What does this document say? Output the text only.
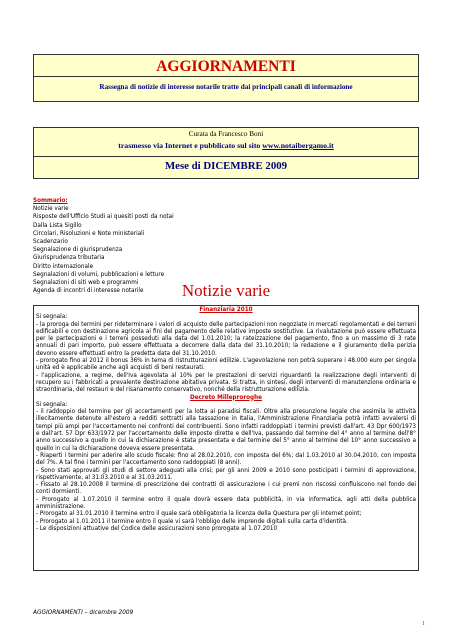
AGGIORNAMENTI
Rassegna di notizie di interesse notarile tratte dai principali canali di informazione
Curata da Francesco Boni
trasmesso via Internet e pubblicato sul sito www.notaibergamo.it
Mese di DICEMBRE 2009
Sommario:
Notizie varie
Risposte dell'Ufficio Studi ai quesiti posti da notai
Dalla Lista Sigillo
Circolari, Risoluzioni e Note ministeriali
Scadenzario
Segnalazione di giurisprudenza
Giurisprudenza tributaria
Diritto internazionale
Segnalazioni di volumi, pubblicazioni e letture
Segnalazioni di siti web e programmi
Agenda di incontri di interesse notarile	Notizie varie
Finanziaria 2010

Si segnala:

- la proroga dei termini per rideterminare i valori di acquisto delle partecipazioni non negoziate in mercati regolamentati e dei terreni edificabili e con destinazione agricola ai fini del pagamento delle relative imposte sostitutive. La rivalutazione può essere effettuata per le partecipazioni e i terreni posseduti alla data del 1.01.2010; la rateizzazione del pagamento, fino a un massimo di 3 rate annuali di pari importo, può essere effettuata a decorrere dalla data del 31.10.2010; la redazione e il giuramento della perizia devono essere effettuati entro la predetta data del 31.10.2010.

- prorogato fino al 2012 il bonus 36% in tema di ristrutturazioni edilizie. L'agevolazione non potrà superare i 48.000 euro per singola unità ed è applicabile anche agli acquisti di beni restaurati.

- l'applicazione, a regime, dell'Iva agevolata al 10% per le prestazioni di servizi riguardanti la realizzazione degli interventi di recupero su i fabbricati a prevalente destinazione abitativa privata. Si tratta, in sintesi, degli interventi di manutenzione ordinaria e straordinaria, del restauri e del risanamento conservativo, nonché della ristrutturazione edilizia.

Decreto Milleproroghe

Si segnala:

- il raddoppio del termine per gli accertamenti per la lotta ai paradisi fiscali. Oltre alla presunzione legale che assimila le attività illecitamente detenute all'estero a redditi sottratti alla tassazione in Italia, l'Amministrazione Finanziaria potrà infatti avvalersi di tempi più ampi per l'accertamento nei confronti dei contribuenti. Sono infatti raddoppiati i termini previsti dall'art. 43 Dpr 600/1973 e dall'art. 57 Dpr 633/1972 per l'accertamento delle imposte dirette e dell'Iva, passando dal termine del 4° anno al termine dell'8° anno successivo a quello in cui la dichiarazione è stata presentata e dal termine del 5° anno al termine del 10° anno successivo a quello in cui la dichiarazione doveva essere presentata.

- Riaperti i termini per aderire allo scudo fiscale: fino al 28.02.2010, con imposta del 6%; dal 1.03.2010 al 30.04.2010, con imposta del 7%. A tal fine i termini per l'accertamento sono raddoppiati (8 anni).

- Sono stati approvati gli studi di settore adeguati alla crisi; per gli anni 2009 e 2010 sono posticipati i termini di approvazione, rispettivamente, al 31.03.2010 e al 31.03.2011.

- Fissato al 28.10.2008 il termine di prescrizione dei contratti di assicurazione i cui premi non riscossi confluiscono nel fondo dei conti dormienti.

- Prorogato al 1.07.2010 il termine entro il quale dovrà essere data pubblicità, in via informatica, agli atti della pubblica amministrazione.

- Prorogato al 31.01.2010 il termine entro il quale sarà obbligatoria la licenza della Questura per gli internet point;

- Prorogato al 1.01.2011 il termine entro il quale vi sarà l'obbligo delle imprende digitali sulla carta d'identità.

- Le disposizioni attuative del Codice delle assicurazioni sono prorogate al 1.07.2010

AGGIORNAMENTI – dicembre 2009
1
